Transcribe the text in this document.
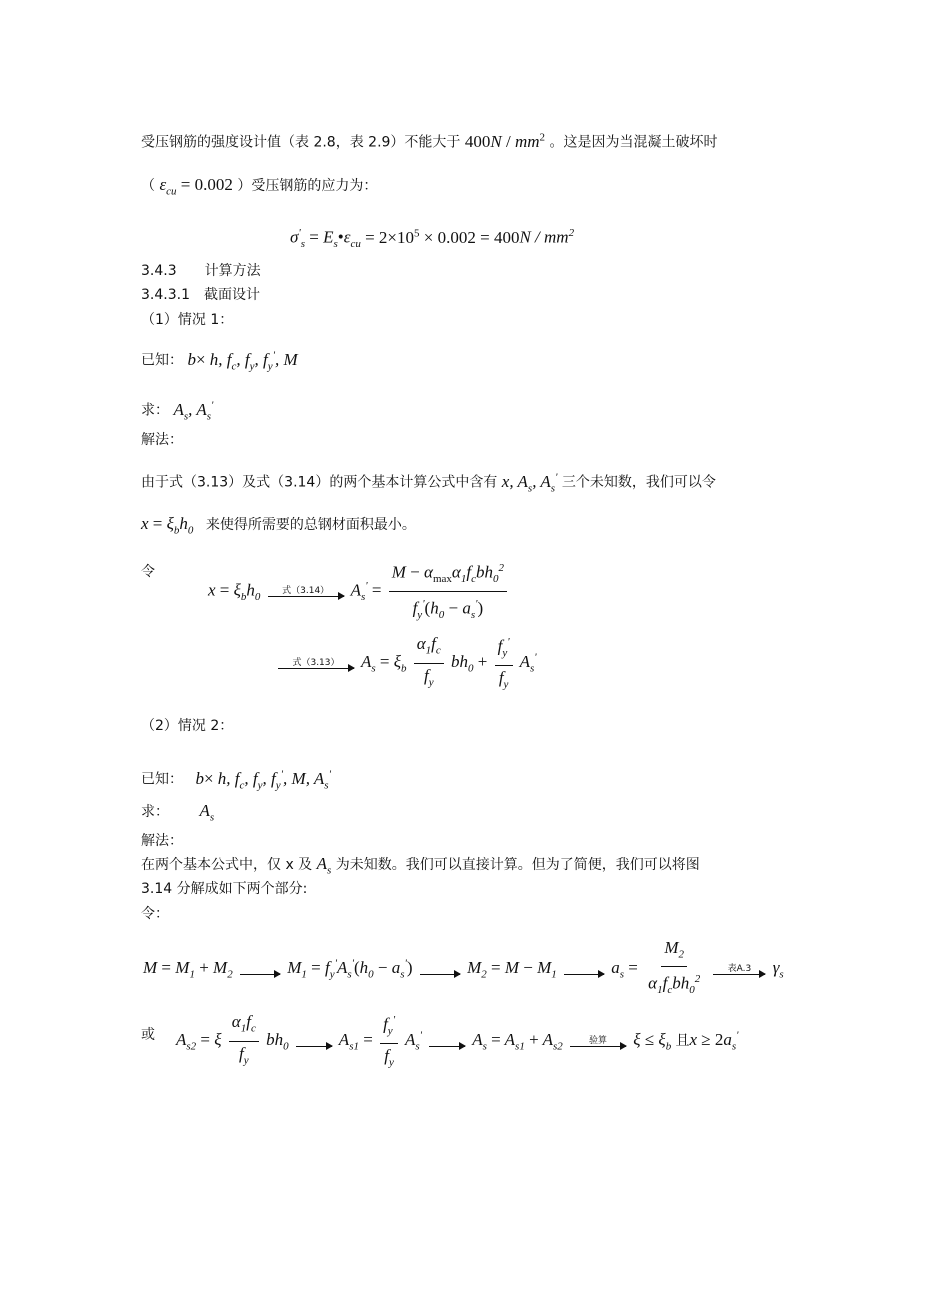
受压钢筋的强度设计值（表 2.8，表 2.9）不能大于 $400N / mm^2$ 。这是因为当混凝土破坏时
（ $\varepsilon_{cu} = 0.002$ ）受压钢筋的应力为：
$\sigma'_s$ = $E_s•\varepsilon_{cu} = 2\times 10^5 \times 0.002 = 400N / mm^2$
3.4.3　　计算方法
3.4.3.1　截面设计
（1）情况 1：
已知： b× h, $f_c$, $f_y$, $f_y'$, M
求： $A_s$, $A_s'$
解法：
由于式（3.13）及式（3.14）的两个基本计算公式中含有 x, $A_s$, $A_s'$ 三个未知数，我们可以令
$x = \xi_bh_0$ 来使得所需要的总钢材面积最小。
令
$x = \xi_bh_0$ 式（3.14） $A_s' = \frac{M - \alpha_{max}\alpha_1f_cbh_0^2}{f_y'(h_0 - a_s')}$
式（3.13） $A_s = \xi_b \frac{\alpha_1f_c}{f_y} bh_0 + \frac{f_y'}{f_y} A_s'$
（2）情况 2：
已知： b× h, $f_c$, $f_y$, $f_y'$, M, $A_s'$
求： $A_s$
解法：
在两个基本公式中，仅 x 及 $A_s$ 为未知数。我们可以直接计算。但为了简便，我们可以将图
3.14 分解成如下两个部分:
令：
$M = M_1 + M_2$	$M_1 = f_y'A_s'(h_0 - a_s')$	$M_2 = M - M_1$	$a_s = \frac{M_2}{\alpha_1f_cbh_0^2}$
	表A.3 $\gamma_s$
或 $A_{s2} = \xi \frac{\alpha_1f_c}{f_y} bh_0$	$A_{s1} = \frac{f_y'}{f_y} A_s'$	$A_s = A_{s1} + A_{s2}$	验算 $\xi \le \xi_b$ 且$x \ge 2a_s'$
